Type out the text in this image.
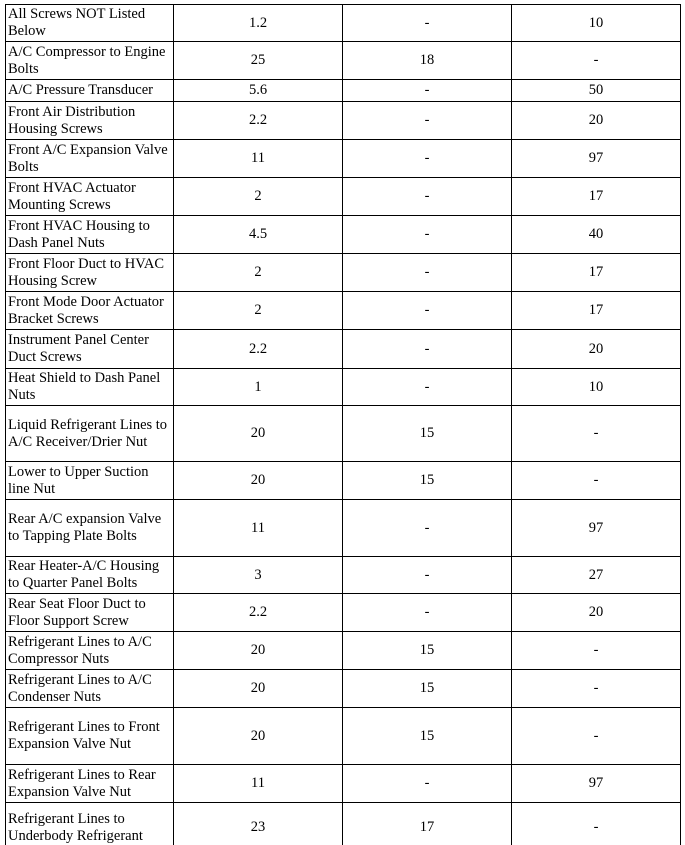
All Screws NOT Listed Below	1.2	-	10
A/C Compressor to Engine Bolts	25	18	-
A/C Pressure Transducer	5.6	-	50
Front Air Distribution Housing Screws	2.2	-	20
Front A/C Expansion Valve Bolts	11	-	97
Front HVAC Actuator Mounting Screws	2	-	17
Front HVAC Housing to Dash Panel Nuts	4.5	-	40
Front Floor Duct to HVAC Housing Screw	2	-	17
Front Mode Door Actuator Bracket Screws	2	-	17
Instrument Panel Center Duct Screws	2.2	-	20
Heat Shield to Dash Panel Nuts	1	-	10
Liquid Refrigerant Lines to A/C Receiver/Drier Nut	20	15	-
Lower to Upper Suction line Nut	20	15	-
Rear A/C expansion Valve to Tapping Plate Bolts	11	-	97
Rear Heater-A/C Housing to Quarter Panel Bolts	3	-	27
Rear Seat Floor Duct to Floor Support Screw	2.2	-	20
Refrigerant Lines to A/C Compressor Nuts	20	15	-
Refrigerant Lines to A/C Condenser Nuts	20	15	-
Refrigerant Lines to Front Expansion Valve Nut	20	15	-
Refrigerant Lines to Rear Expansion Valve Nut	11	-	97
Refrigerant Lines to Underbody Refrigerant	23	17	-
